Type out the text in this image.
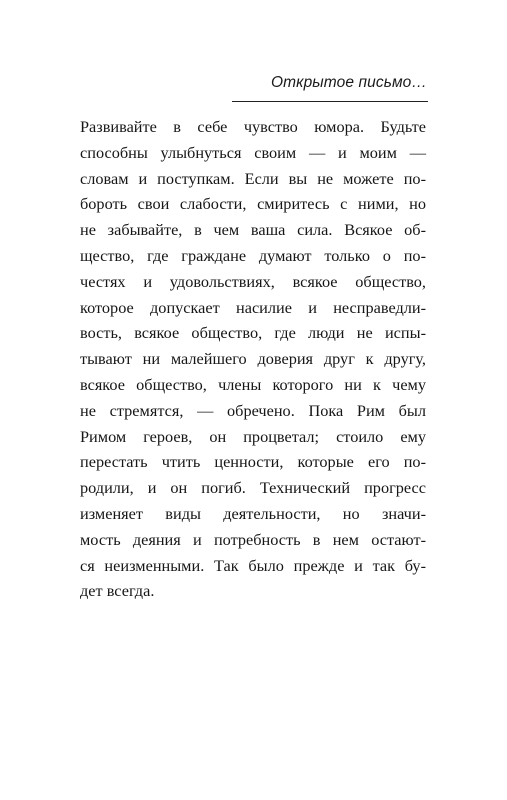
Открытое письмо…
Развивайте в себе чувство юмора. Будьте
способны улыбнуться своим — и моим —
словам и поступкам. Если вы не можете по-
бороть свои слабости, смиритесь с ними, но
не забывайте, в чем ваша сила. Всякое об-
щество, где граждане думают только о по-
честях и удовольствиях, всякое общество,
которое допускает насилие и несправедли-
вость, всякое общество, где люди не испы-
тывают ни малейшего доверия друг к другу,
всякое общество, члены которого ни к чему
не стремятся, — обречено. Пока Рим был
Римом героев, он процветал; стоило ему
перестать чтить ценности, которые его по-
родили, и он погиб. Технический прогресс
изменяет виды деятельности, но значи-
мость деяния и потребность в нем остают-
ся неизменными. Так было прежде и так бу-
дет всегда.
